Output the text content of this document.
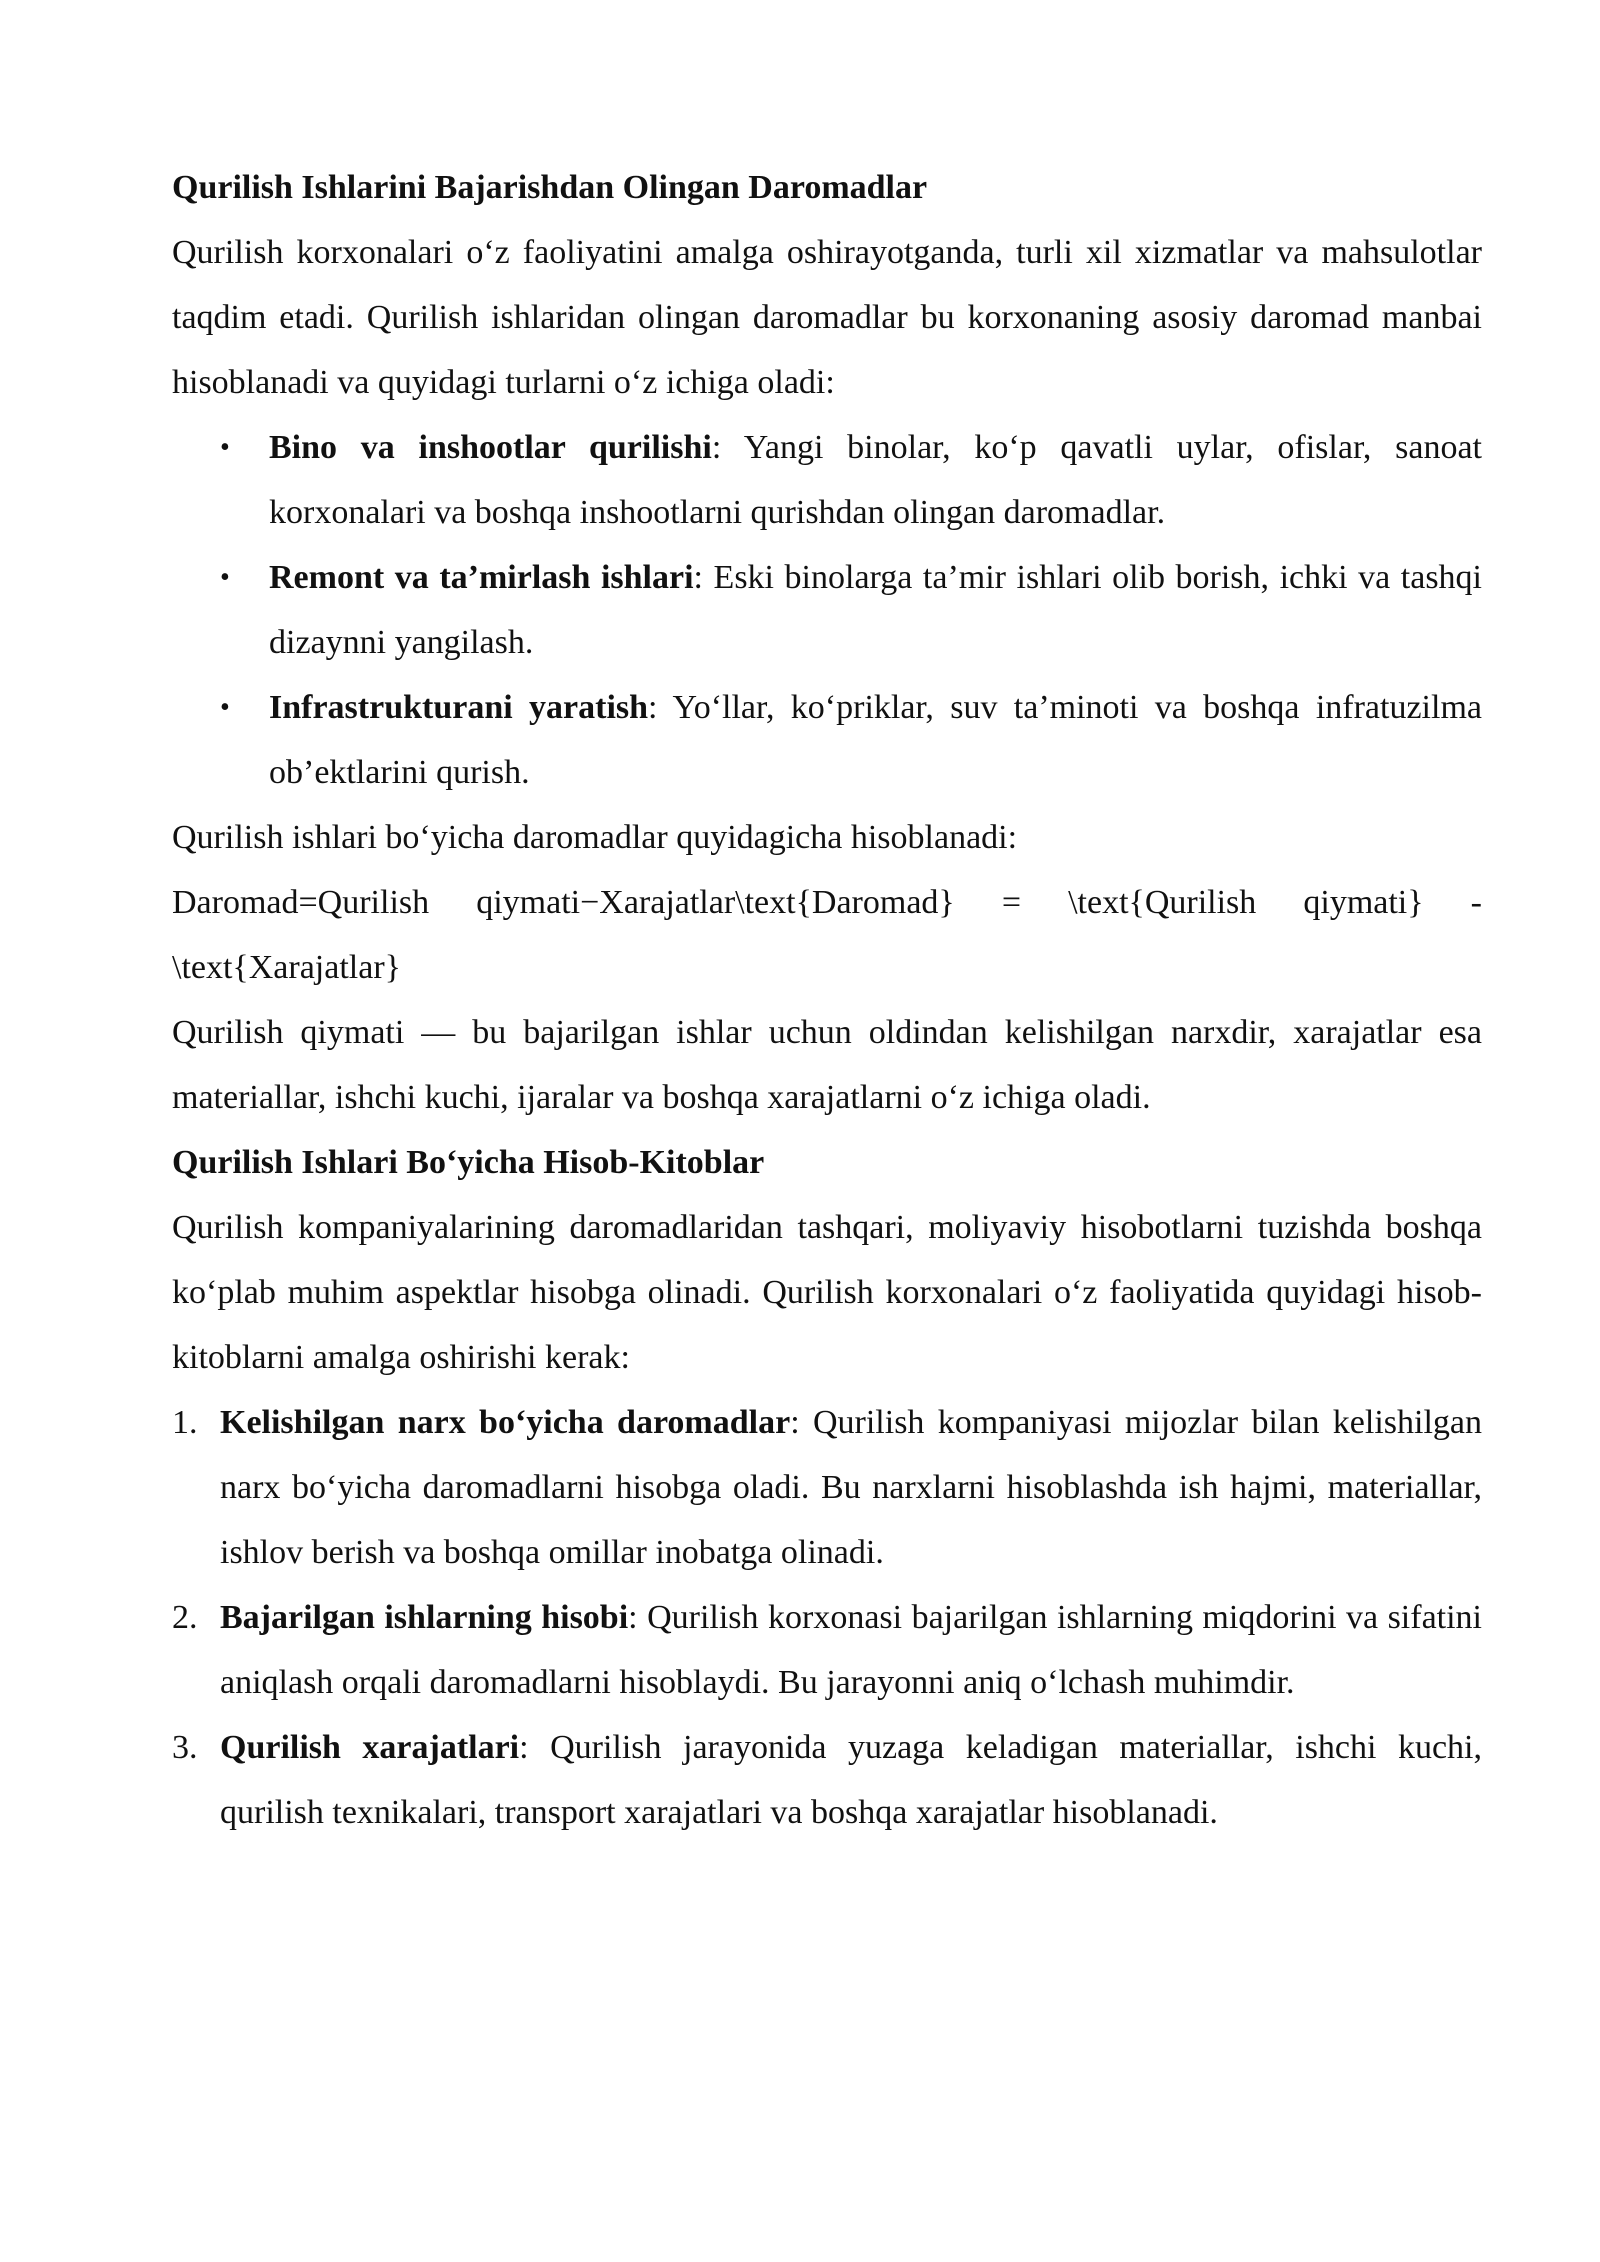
Qurilish Ishlarini Bajarishdan Olingan Daromadlar

Qurilish korxonalari o‘z faoliyatini amalga oshirayotganda, turli xil xizmatlar va mahsulotlar taqdim etadi. Qurilish ishlaridan olingan daromadlar bu korxonaning asosiy daromad manbai hisoblanadi va quyidagi turlarni o‘z ichiga oladi:

• Bino va inshootlar qurilishi: Yangi binolar, ko‘p qavatli uylar, ofislar, sanoat korxonalari va boshqa inshootlarni qurishdan olingan daromadlar.
• Remont va ta’mirlash ishlari: Eski binolarga ta’mir ishlari olib borish, ichki va tashqi dizaynni yangilash.
• Infrastrukturani yaratish: Yo‘llar, ko‘priklar, suv ta’minoti va boshqa infratuzilma ob’ektlarini qurish.

Qurilish ishlari bo‘yicha daromadlar quyidagicha hisoblanadi:

Daromad=Qurilish qiymati−Xarajatlar\text{Daromad} = \text{Qurilish qiymati} - \text{Xarajatlar}

Qurilish qiymati — bu bajarilgan ishlar uchun oldindan kelishilgan narxdir, xarajatlar esa materiallar, ishchi kuchi, ijaralar va boshqa xarajatlarni o‘z ichiga oladi.

Qurilish Ishlari Bo‘yicha Hisob-Kitoblar

Qurilish kompaniyalarining daromadlaridan tashqari, moliyaviy hisobotlarni tuzishda boshqa ko‘plab muhim aspektlar hisobga olinadi. Qurilish korxonalari o‘z faoliyatida quyidagi hisob-kitoblarni amalga oshirishi kerak:

1. Kelishilgan narx bo‘yicha daromadlar: Qurilish kompaniyasi mijozlar bilan kelishilgan narx bo‘yicha daromadlarni hisobga oladi. Bu narxlarni hisoblashda ish hajmi, materiallar, ishlov berish va boshqa omillar inobatga olinadi.
2. Bajarilgan ishlarning hisobi: Qurilish korxonasi bajarilgan ishlarning miqdorini va sifatini aniqlash orqali daromadlarni hisoblaydi. Bu jarayonni aniq o‘lchash muhimdir.
3. Qurilish xarajatlari: Qurilish jarayonida yuzaga keladigan materiallar, ishchi kuchi, qurilish texnikalari, transport xarajatlari va boshqa xarajatlar hisoblanadi.
